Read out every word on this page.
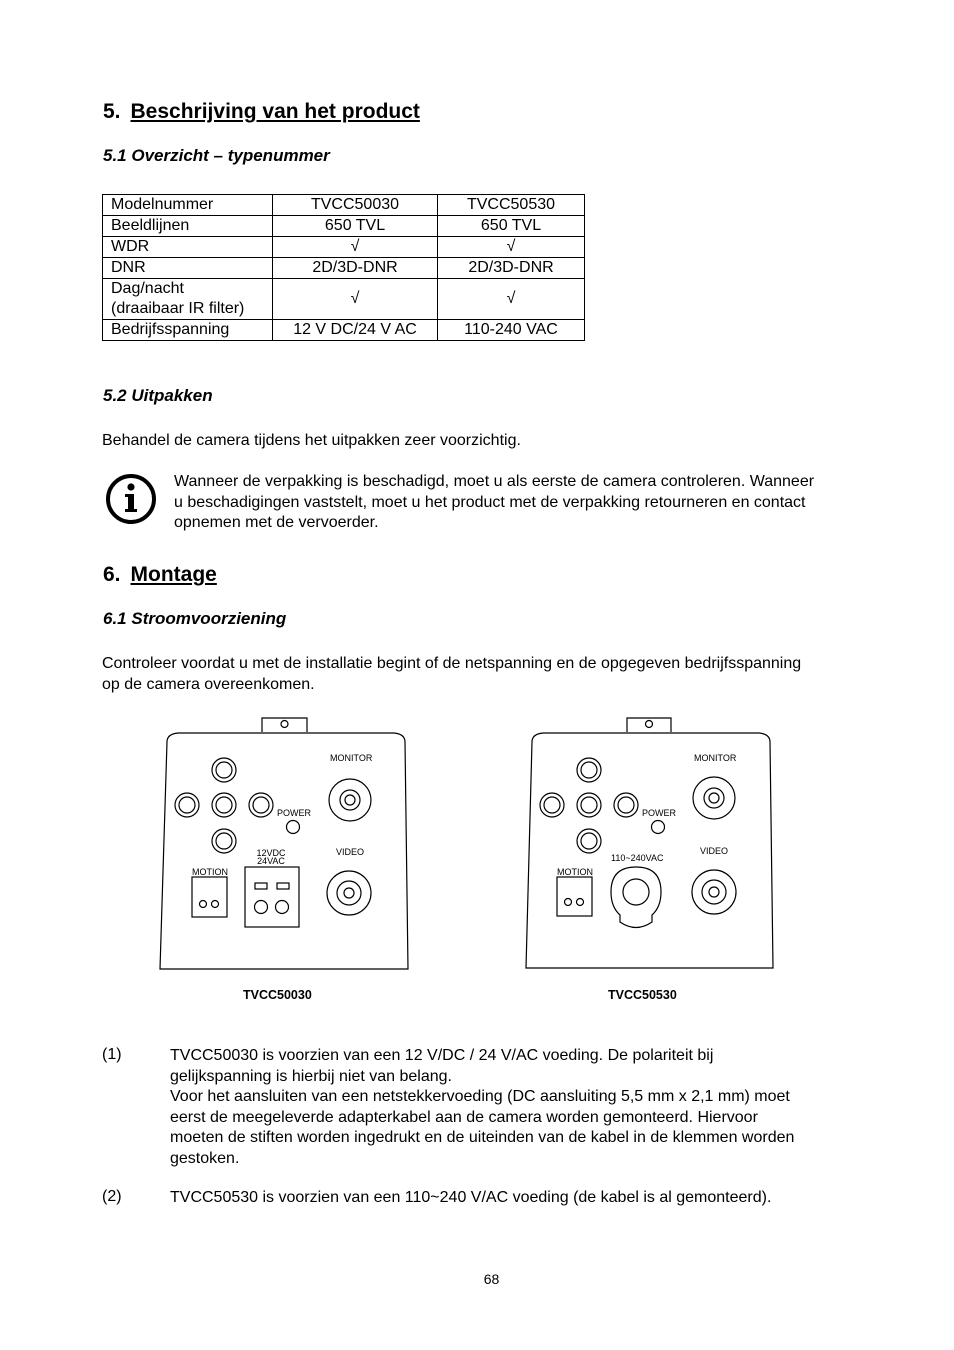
5. Beschrijving van het product
5.1 Overzicht – typenummer
Modelnummer	TVCC50030	TVCC50530
Beeldlijnen	650 TVL	650 TVL
WDR	√	√
DNR	2D/3D-DNR	2D/3D-DNR

Dag/nacht
(draaibaar IR filter)	√	√
Bedrijfsspanning	12 V DC/24 V AC	110-240 VAC
5.2 Uitpakken
Behandel de camera tijdens het uitpakken zeer voorzichtig.
Wanneer de verpakking is beschadigd, moet u als eerste de camera controleren. Wanneer
u beschadigingen vaststelt, moet u het product met de verpakking retourneren en contact
opnemen met de vervoerder.
6. Montage
6.1 Stroomvoorziening
Controleer voordat u met de installatie begint of de netspanning en de opgegeven bedrijfsspanning
op de camera overeenkomen.
MONITOR
POWER
VIDEO
MOTION
12VDC
24VAC
TVCC50030
MONITOR
POWER
VIDEO
MOTION
110~240VAC
TVCC50530
(1)	TVCC50030 is voorzien van een 12 V/DC / 24 V/AC voeding. De polariteit bij
gelijkspanning is hierbij niet van belang.
Voor het aansluiten van een netstekkervoeding (DC aansluiting 5,5 mm x 2,1 mm) moet
eerst de meegeleverde adapterkabel aan de camera worden gemonteerd. Hiervoor
moeten de stiften worden ingedrukt en de uiteinden van de kabel in de klemmen worden
gestoken.
(2)	TVCC50530 is voorzien van een 110~240 V/AC voeding (de kabel is al gemonteerd).
68
